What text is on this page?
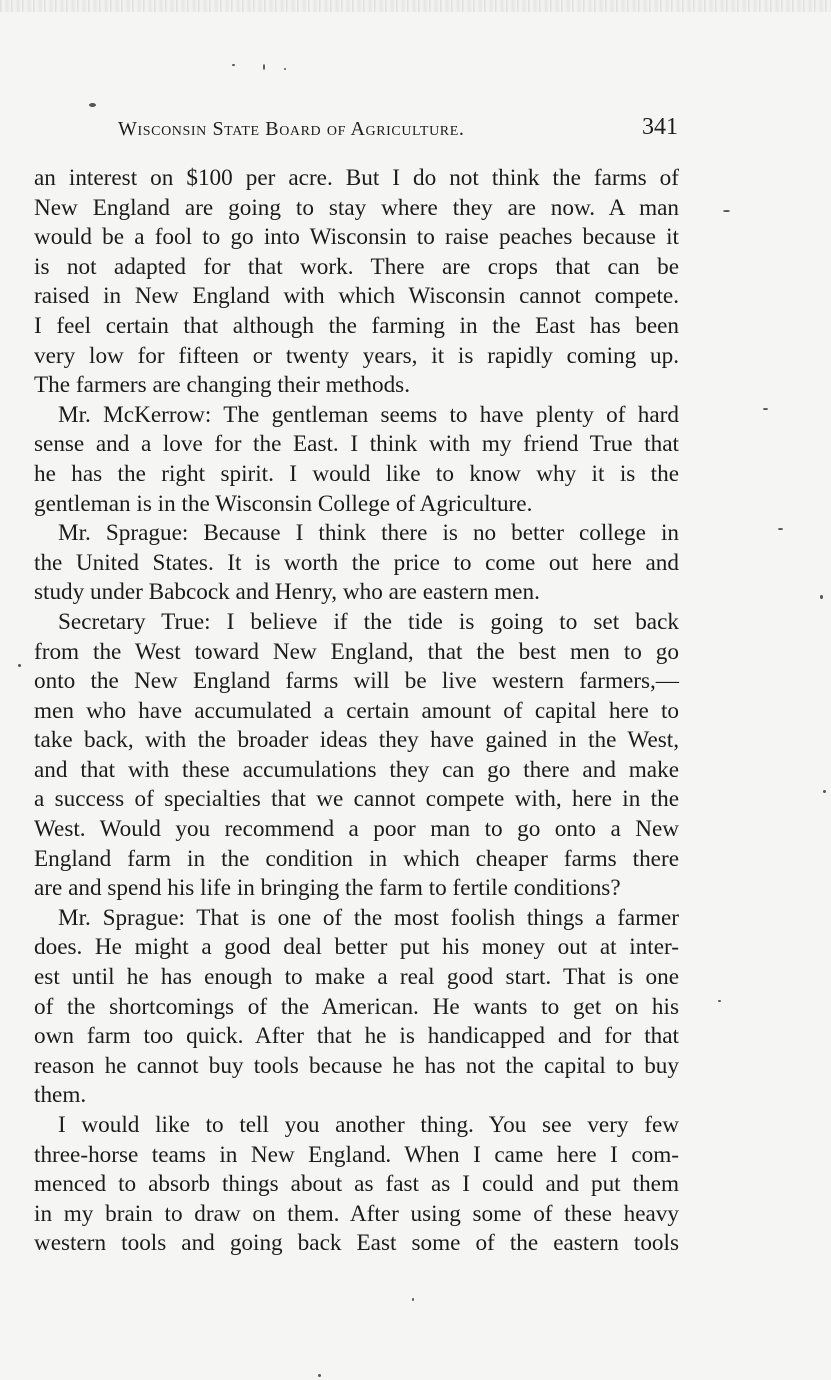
Wisconsin State Board of Agriculture.	341
an interest on $100 per acre. But I do not think the farms of
New England are going to stay where they are now. A man
would be a fool to go into Wisconsin to raise peaches because it
is not adapted for that work. There are crops that can be
raised in New England with which Wisconsin cannot compete.
I feel certain that although the farming in the East has been
very low for fifteen or twenty years, it is rapidly coming up.
The farmers are changing their methods.
Mr. McKerrow: The gentleman seems to have plenty of hard
sense and a love for the East. I think with my friend True that
he has the right spirit. I would like to know why it is the
gentleman is in the Wisconsin College of Agriculture.
Mr. Sprague: Because I think there is no better college in
the United States. It is worth the price to come out here and
study under Babcock and Henry, who are eastern men.
Secretary True: I believe if the tide is going to set back
from the West toward New England, that the best men to go
onto the New England farms will be live western farmers,—
men who have accumulated a certain amount of capital here to
take back, with the broader ideas they have gained in the West,
and that with these accumulations they can go there and make
a success of specialties that we cannot compete with, here in the
West. Would you recommend a poor man to go onto a New
England farm in the condition in which cheaper farms there
are and spend his life in bringing the farm to fertile conditions?
Mr. Sprague: That is one of the most foolish things a farmer
does. He might a good deal better put his money out at inter-
est until he has enough to make a real good start. That is one
of the shortcomings of the American. He wants to get on his
own farm too quick. After that he is handicapped and for that
reason he cannot buy tools because he has not the capital to buy
them.
I would like to tell you another thing. You see very few
three-horse teams in New England. When I came here I com-
menced to absorb things about as fast as I could and put them
in my brain to draw on them. After using some of these heavy
western tools and going back East some of the eastern tools
